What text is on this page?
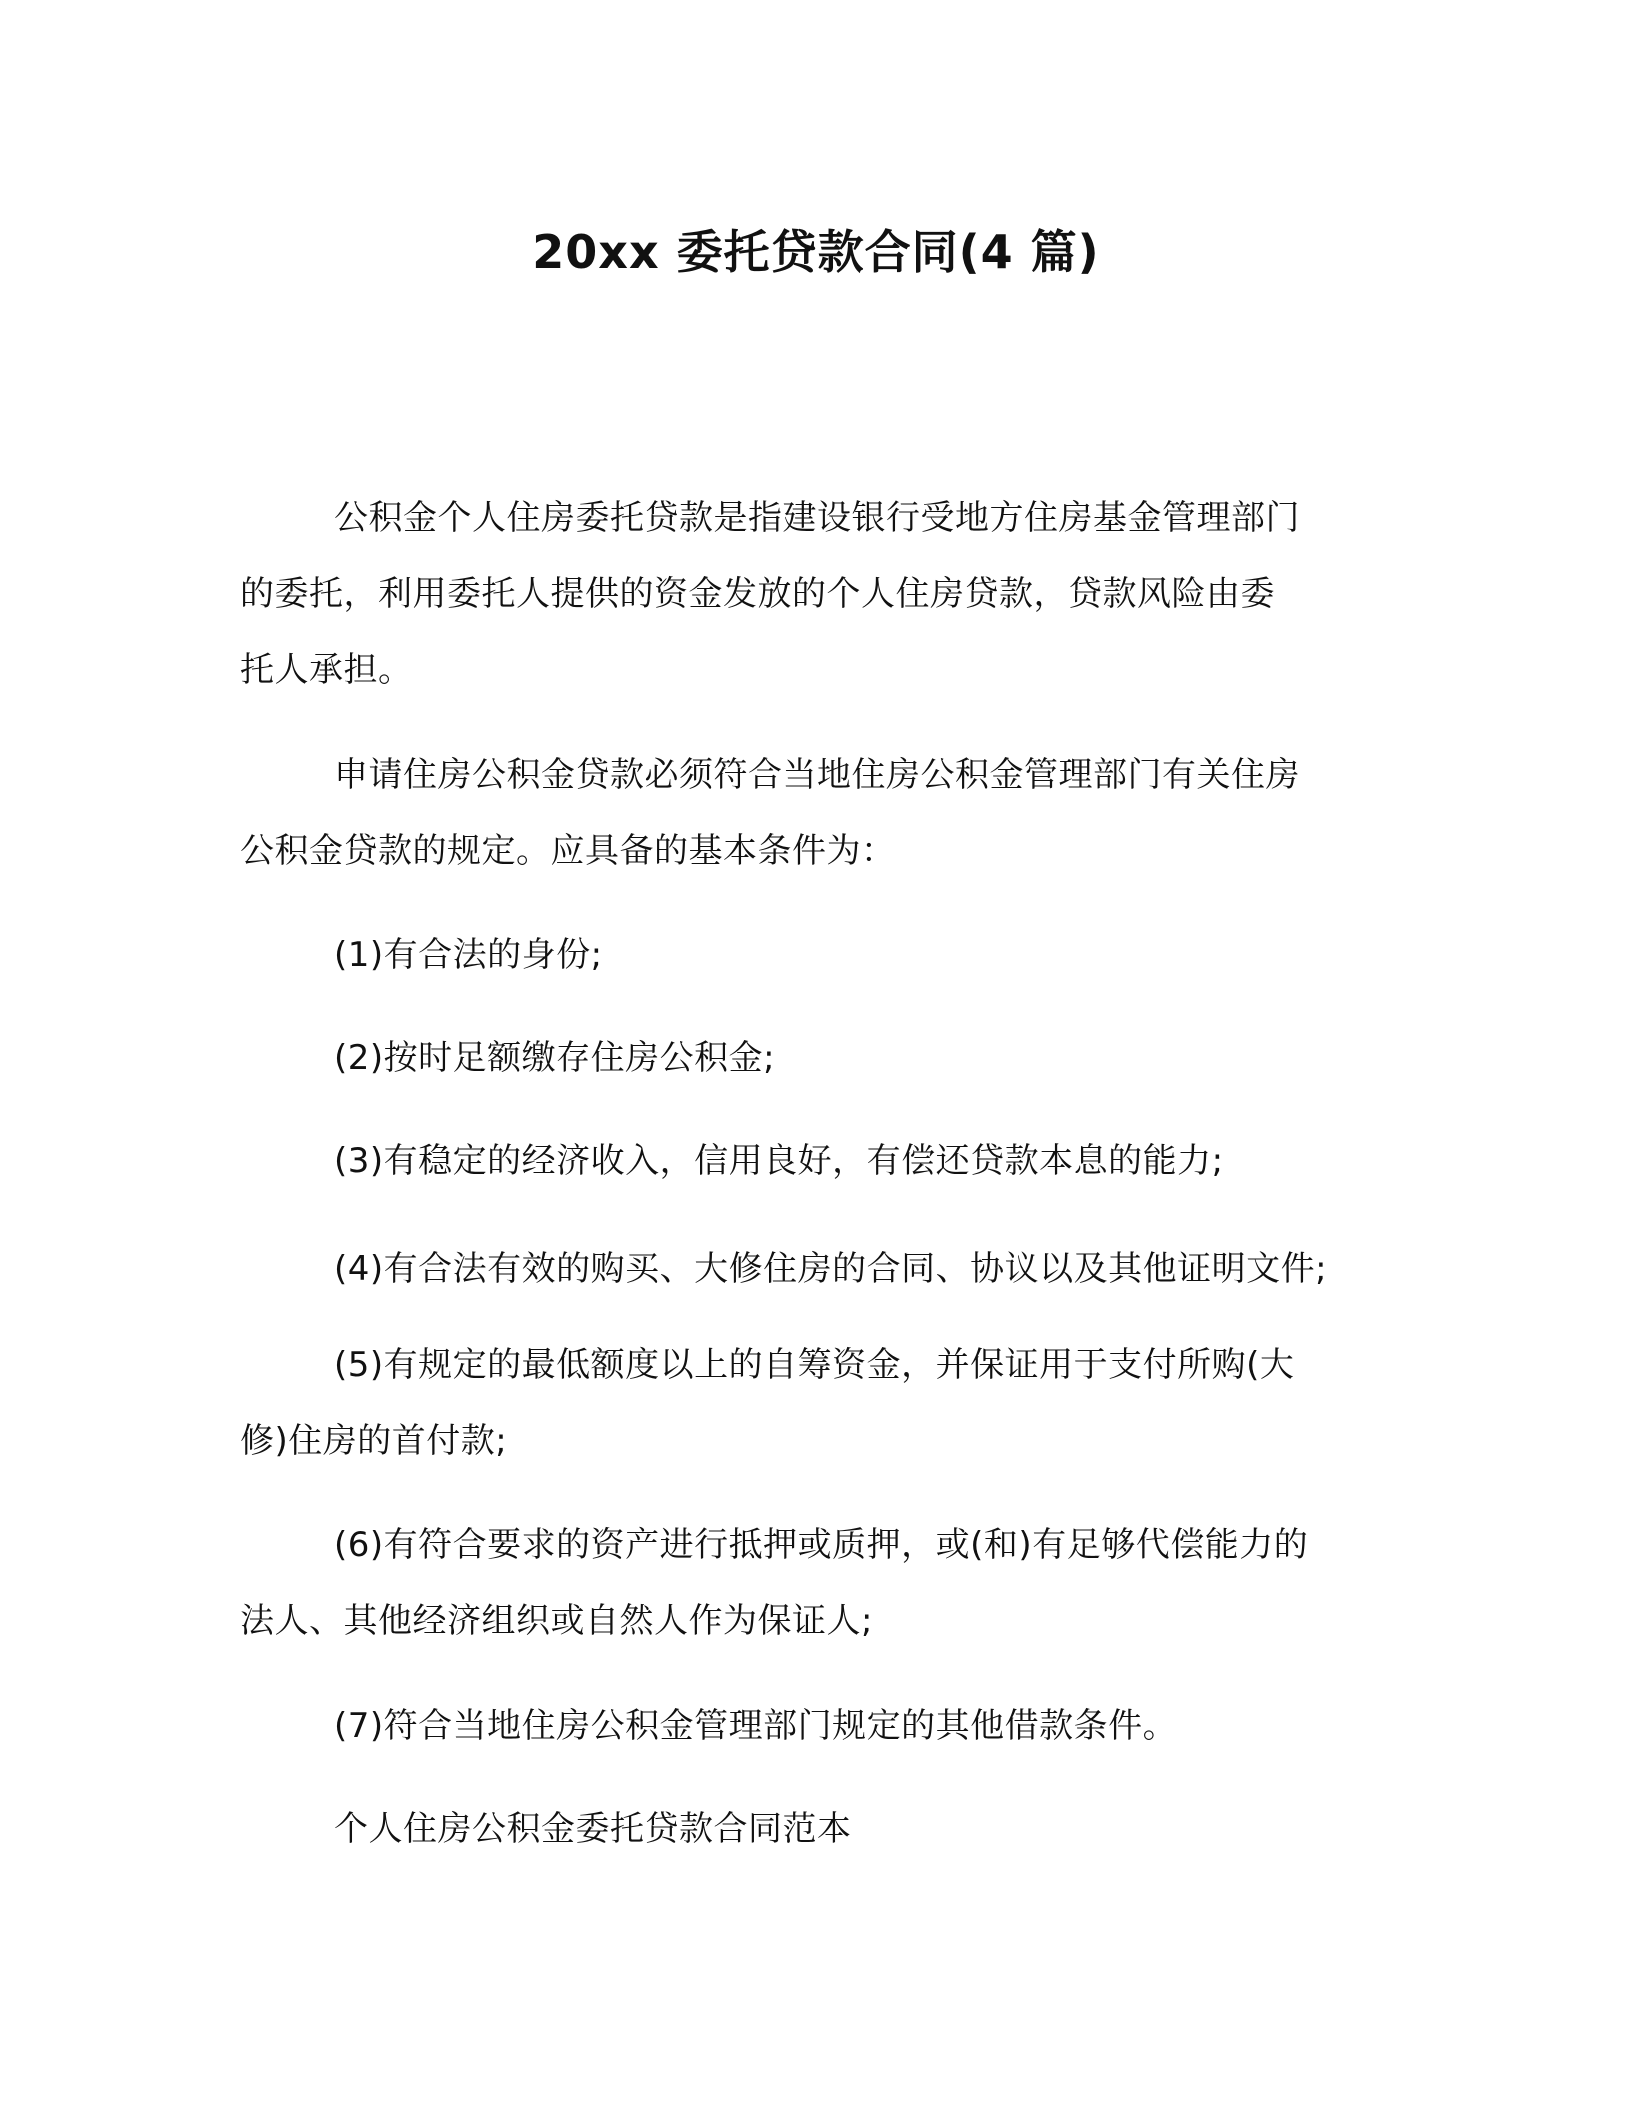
20xx 委托贷款合同(4 篇)
公积金个人住房委托贷款是指建设银行受地方住房基金管理部门
的委托，利用委托人提供的资金发放的个人住房贷款，贷款风险由委
托人承担。
申请住房公积金贷款必须符合当地住房公积金管理部门有关住房
公积金贷款的规定。应具备的基本条件为：
(1)有合法的身份;
(2)按时足额缴存住房公积金;
(3)有稳定的经济收入，信用良好，有偿还贷款本息的能力;
(4)有合法有效的购买、大修住房的合同、协议以及其他证明文件;
(5)有规定的最低额度以上的自筹资金，并保证用于支付所购(大
修)住房的首付款;
(6)有符合要求的资产进行抵押或质押，或(和)有足够代偿能力的
法人、其他经济组织或自然人作为保证人;
(7)符合当地住房公积金管理部门规定的其他借款条件。
个人住房公积金委托贷款合同范本
